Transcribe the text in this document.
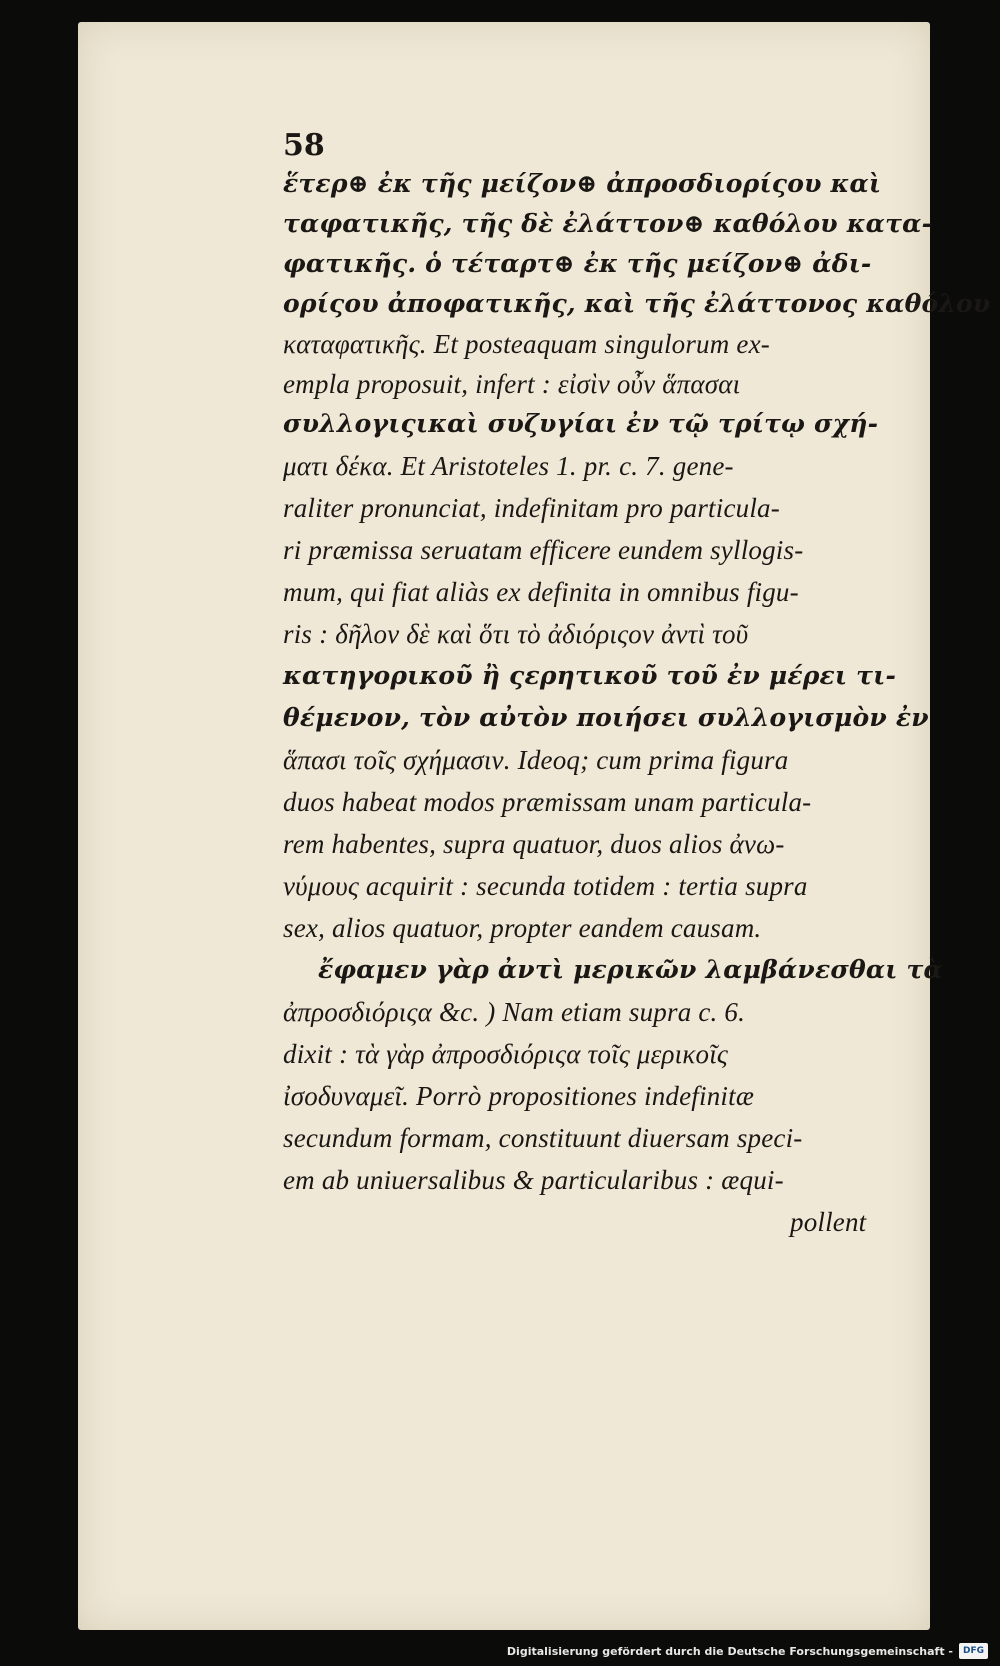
58
ἕτερ⊕ ἐκ τῆς μείζον⊕ ἀπροσδιορίςου καὶ
ταφατικῆς, τῆς δὲ ἐλάττον⊕ καθόλου κατα-
φατικῆς. ὁ τέταρτ⊕ ἐκ τῆς μείζον⊕ ἀδι-
ορίςου ἀποφατικῆς, καὶ τῆς ἐλάττονος καθόλου
καταφατικῆς. Et posteaquam singulorum ex-
empla proposuit, infert : εἰσὶν οὖν ἅπασαι
συλλογιςικαὶ συζυγίαι ἐν τῷ τρίτῳ σχή-
ματι δέκα. Et Aristoteles 1. pr. c. 7. gene-
raliter pronunciat, indefinitam pro particula-
ri præmissa seruatam efficere eundem syllogis-
mum, qui fiat aliàs ex definita in omnibus figu-
ris : δῆλον δὲ καὶ ὅτι τὸ ἀδιόριςον ἀντὶ τοῦ
κατηγορικοῦ ἢ ςερητικοῦ τοῦ ἐν μέρει τι-
θέμενον, τὸν αὐτὸν ποιήσει συλλογισμὸν ἐν
ἅπασι τοῖς σχήμασιν. Ideoq; cum prima figura
duos habeat modos præmissam unam particula-
rem habentes, supra quatuor, duos alios ἀνω-
νύμους acquirit : secunda totidem : tertia supra
sex, alios quatuor, propter eandem causam.
ἔφαμεν γὰρ ἀντὶ μερικῶν λαμβάνεσθαι τὰ
ἀπροσδιόριςα &c. ) Nam etiam supra c. 6.
dixit : τὰ γὰρ ἀπροσδιόριςα τοῖς μερικοῖς
ἰσοδυναμεῖ. Porrò propositiones indefinitæ
secundum formam, constituunt diuersam speci-
em ab uniuersalibus & particularibus : æqui-
pollent
Digitalisierung gefördert durch die Deutsche Forschungsgemeinschaft -	DFG
